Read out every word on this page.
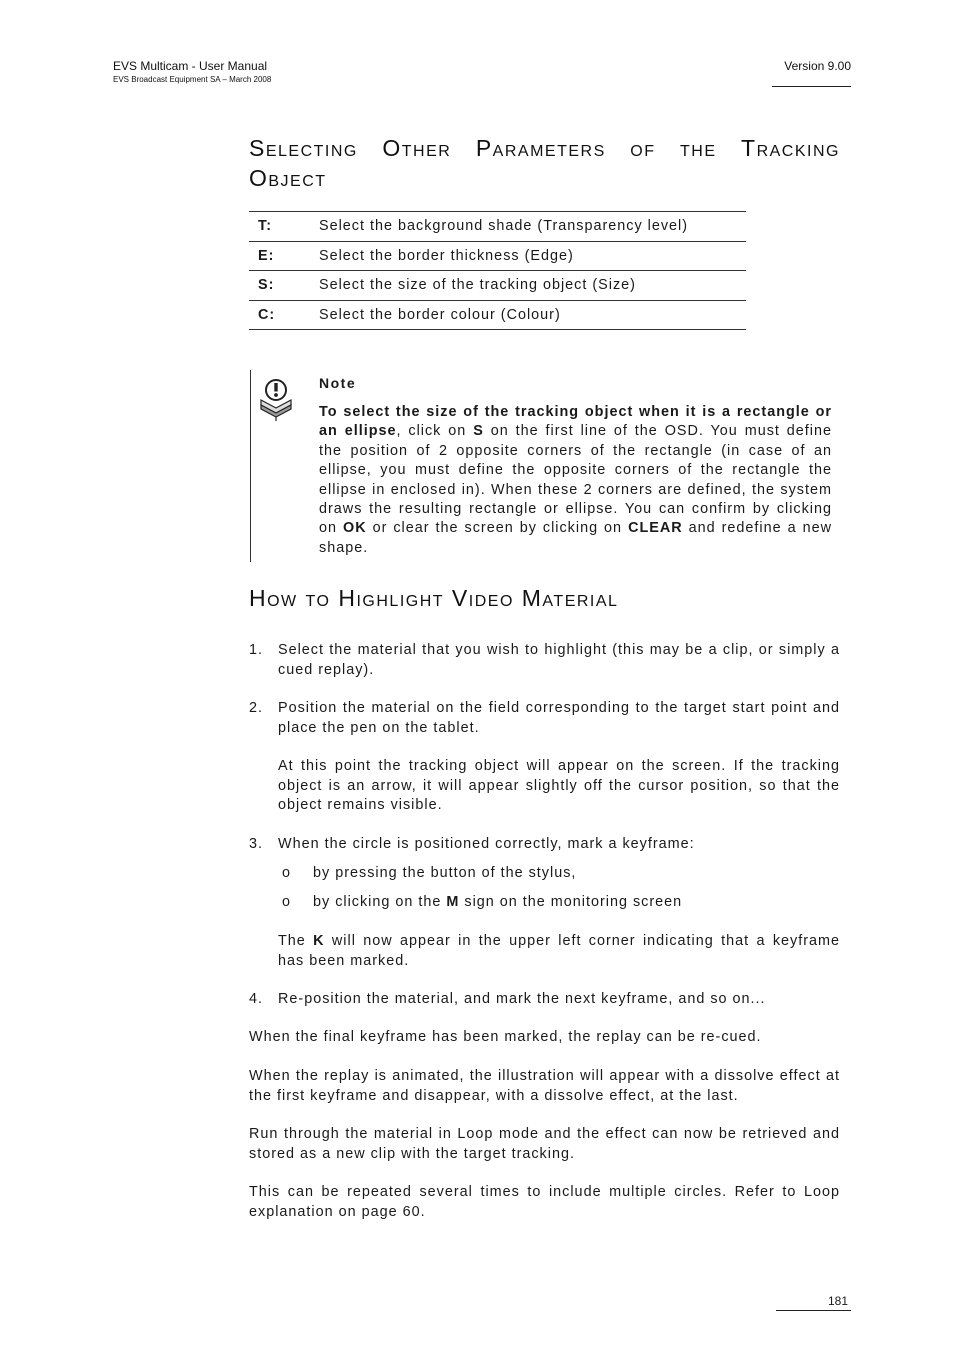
EVS Multicam - User Manual
EVS Broadcast Equipment SA – March 2008
Version 9.00
Selecting Other Parameters of the Tracking
Object
T:	Select the background shade (Transparency level)
E:	Select the border thickness (Edge)
S:	Select the size of the tracking object (Size)
C:	Select the border colour (Colour)
Note
To select the size of the tracking object when it is a rectangle or an ellipse, click on S on the first line of the OSD. You must define the position of 2 opposite corners of the rectangle (in case of an ellipse, you must define the opposite corners of the rectangle the ellipse in enclosed in). When these 2 corners are defined, the system draws the resulting rectangle or ellipse. You can confirm by clicking on OK or clear the screen by clicking on CLEAR and redefine a new shape.
How to Highlight Video Material
1. Select the material that you wish to highlight (this may be a clip, or simply a cued replay).
2. Position the material on the field corresponding to the target start point and place the pen on the tablet.
At this point the tracking object will appear on the screen. If the tracking object is an arrow, it will appear slightly off the cursor position, so that the object remains visible.
3. When the circle is positioned correctly, mark a keyframe:
o by pressing the button of the stylus,
o by clicking on the M sign on the monitoring screen
The K will now appear in the upper left corner indicating that a keyframe has been marked.
4. Re-position the material, and mark the next keyframe, and so on...
When the final keyframe has been marked, the replay can be re-cued.
When the replay is animated, the illustration will appear with a dissolve effect at the first keyframe and disappear, with a dissolve effect, at the last.
Run through the material in Loop mode and the effect can now be retrieved and stored as a new clip with the target tracking.
This can be repeated several times to include multiple circles. Refer to Loop explanation on page 60.
181
